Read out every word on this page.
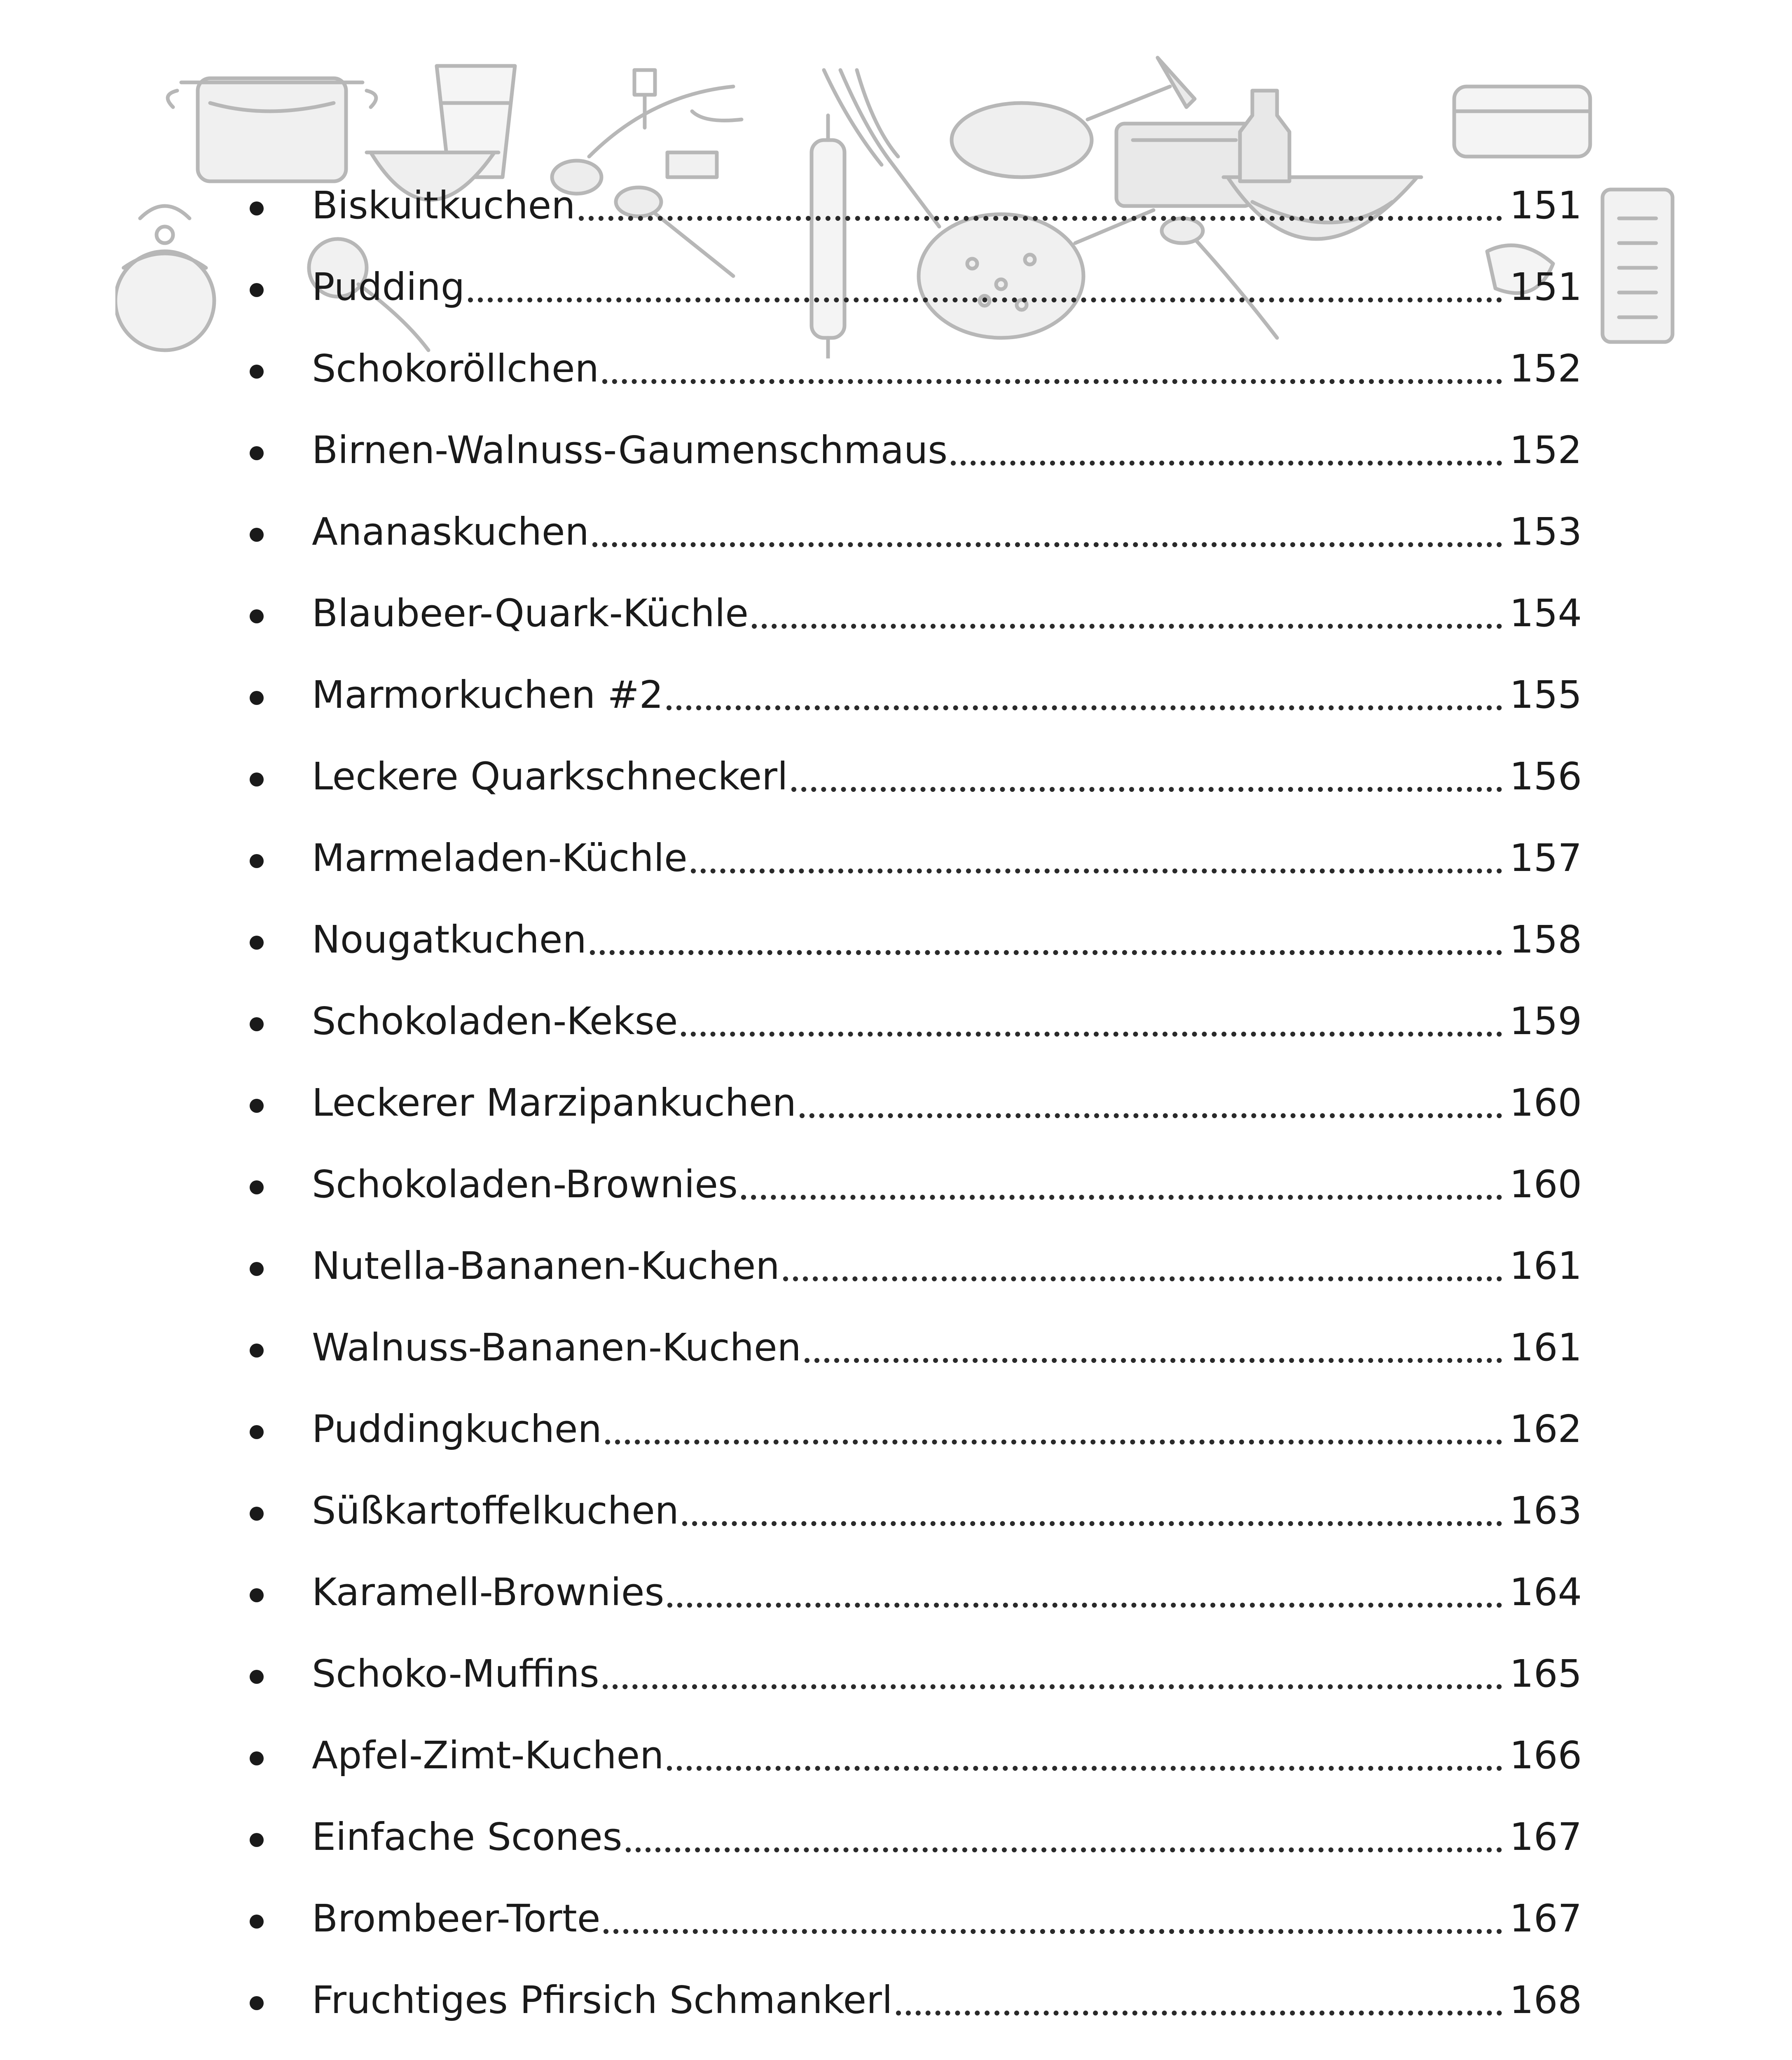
Biskuitkuchen	151
Pudding	151
Schokoröllchen	152
Birnen-Walnuss-Gaumenschmaus	152
Ananaskuchen	153
Blaubeer-Quark-Küchle	154
Marmorkuchen #2	155
Leckere Quarkschneckerl	156
Marmeladen-Küchle	157
Nougatkuchen	158
Schokoladen-Kekse	159
Leckerer Marzipankuchen	160
Schokoladen-Brownies	160
Nutella-Bananen-Kuchen	161
Walnuss-Bananen-Kuchen	161
Puddingkuchen	162
Süßkartoffelkuchen	163
Karamell-Brownies	164
Schoko-Muffins	165
Apfel-Zimt-Kuchen	166
Einfache Scones	167
Brombeer-Torte	167
Fruchtiges Pfirsich Schmankerl	168
